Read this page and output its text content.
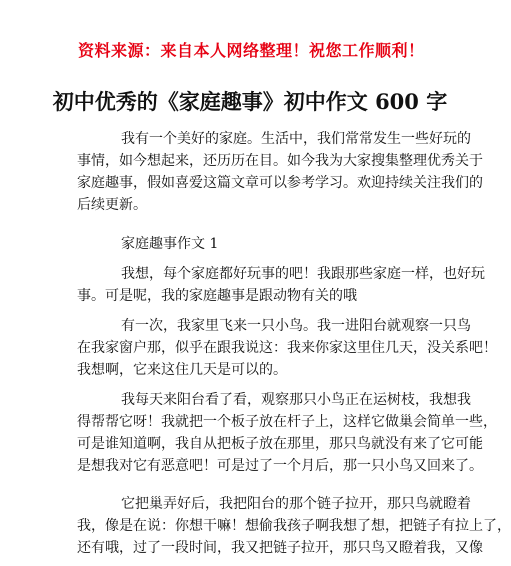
资料来源：来自本人网络整理！祝您工作顺利！
初中优秀的《家庭趣事》初中作文 600 字
我有一个美好的家庭。生活中，我们常常发生一些好玩的
事情，如今想起来，还历历在目。如今我为大家搜集整理优秀关于
家庭趣事，假如喜爱这篇文章可以参考学习。欢迎持续关注我们的
后续更新。
家庭趣事作文 1
我想，每个家庭都好玩事的吧！我跟那些家庭一样，也好玩
事。可是呢，我的家庭趣事是跟动物有关的哦
有一次，我家里飞来一只小鸟。我一进阳台就观察一只鸟
在我家窗户那，似乎在跟我说这：我来你家这里住几天，没关系吧！
我想啊，它来这住几天是可以的。
我每天来阳台看了看，观察那只小鸟正在运树枝，我想我
得帮帮它呀！我就把一个板子放在杆子上，这样它做巢会简单一些，
可是谁知道啊，我自从把板子放在那里，那只鸟就没有来了它可能
是想我对它有恶意吧！可是过了一个月后，那一只小鸟又回来了。
它把巢弄好后，我把阳台的那个链子拉开，那只鸟就瞪着
我，像是在说：你想干嘛！想偷我孩子啊我想了想，把链子有拉上了，
还有哦，过了一段时间，我又把链子拉开，那只鸟又瞪着我，又像
